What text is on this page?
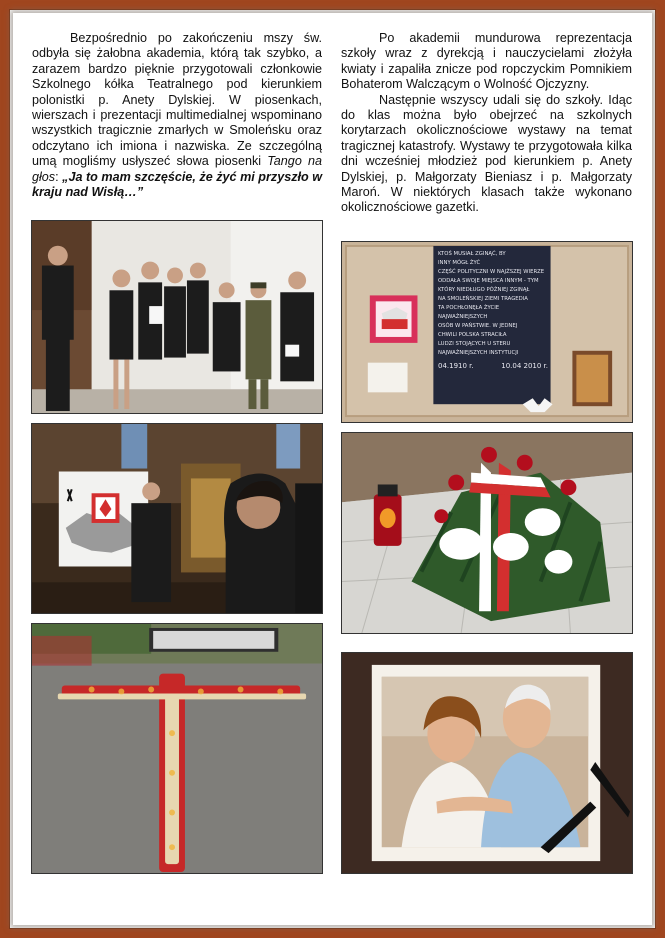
Bezpośrednio po zakończeniu mszy św. odbyła się żałobna akademia, którą tak szybko, a zarazem bardzo pięknie przygotowali członkowie Szkolnego kółka Teatralnego pod kierunkiem polonistki p. Anety Dylskiej. W piosenkach, wierszach i prezentacji multimedialnej wspominano wszystkich tragicznie zmarłych w Smoleńsku oraz odczytano ich imiona i nazwiska. Ze szczególną umą mogliśmy usłyszeć słowa piosenki Tango na głos: „Ja to mam szczęście, że żyć mi przyszło w kraju nad Wisłą…”

Po akademii mundurowa reprezentacja szkoły wraz z dyrekcją i nauczycielami złożyła kwiaty i zapaliła znicze pod ropczyckim Pomnikiem Bohaterom Walczącym o Wolność Ojczyzny.

Następnie wszyscy udali się do szkoły. Idąc do klas można było obejrzeć na szkolnych korytarzach okolicznościowe wystawy na temat tragicznej katastrofy. Wystawy te przygotowała kilka dni wcześniej młodzież pod kierunkiem p. Anety Dylskiej, p. Małgorzaty Bieniasz i p. Małgorzaty Maroń. W niektórych klasach także wykonano okolicznościowe gazetki.

KTOŚ MUSIAŁ ZGINĄĆ, BY
INNY MÓGŁ ŻYĆ
CZĘŚĆ POLITYCZNI W NAJŻSZEJ WIERZE
ODDAŁA SWOJE MIEJSCA INNYM - TYM
KTÓRY NIEDŁUGO PÓŹNIEJ ZGINĄŁ
NA SMOLEŃSKIEJ ZIEMI TRAGEDIA
TA POCHŁONĘŁA ŻYCIE NAJWAŻNIEJSZYCH
OSÓB W PAŃSTWIE. W JEDNEJ
CHWILI POLSKA STRACIŁA
LUDZI STOJĄCYCH U STERU
NAJWAŻNIEJSZYCH INSTYTUCJI
04.1910 r.	10.04 2010 r.
